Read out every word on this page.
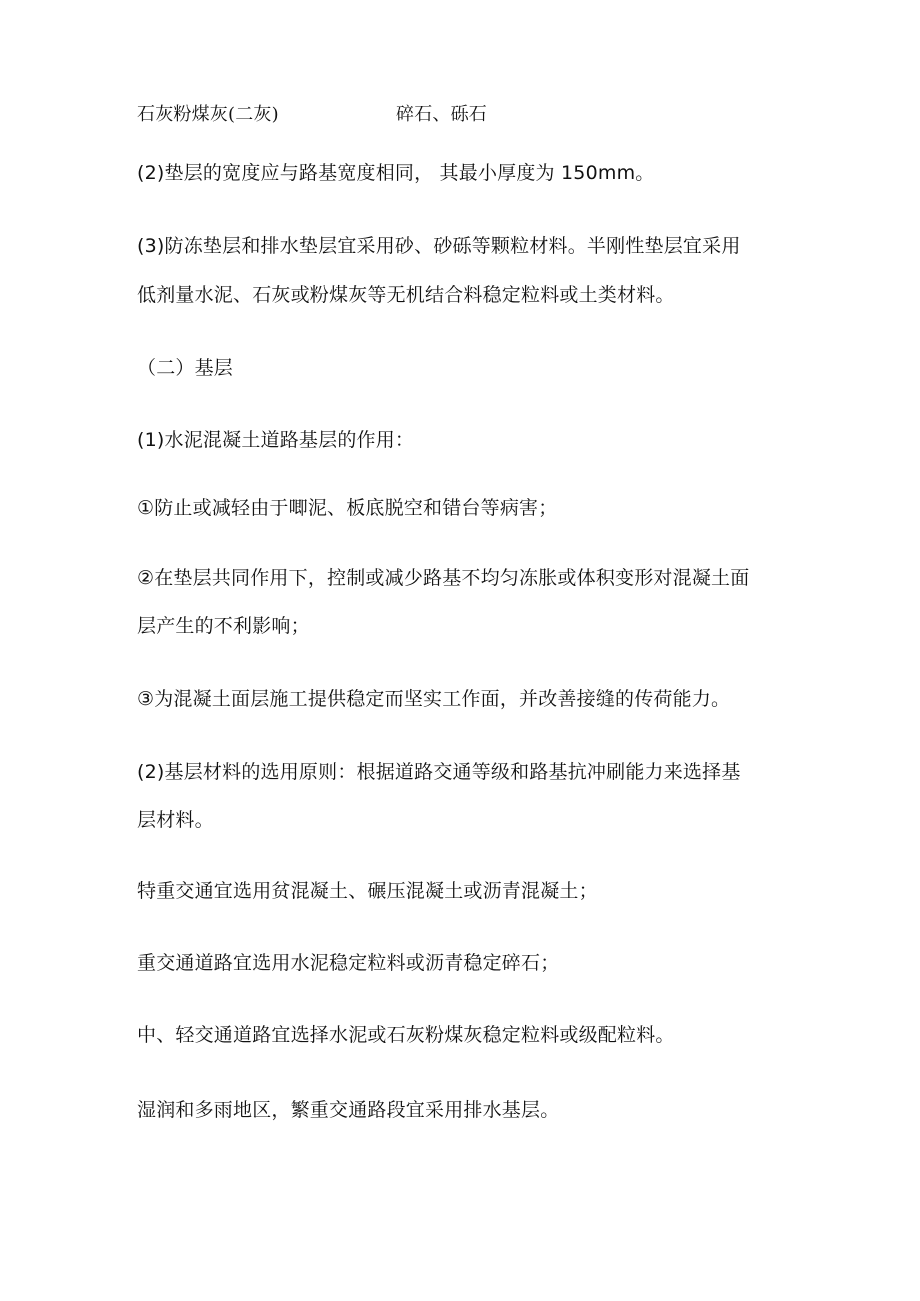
石灰粉煤灰(二灰)	碎石、砾石
(2)垫层的宽度应与路基宽度相同， 其最小厚度为 150mm。
(3)防冻垫层和排水垫层宜采用砂、砂砾等颗粒材料。半刚性垫层宜采用
低剂量水泥、石灰或粉煤灰等无机结合料稳定粒料或土类材料。
（二）基层
(1)水泥混凝土道路基层的作用：
①防止或减轻由于唧泥、板底脱空和错台等病害；
②在垫层共同作用下，控制或减少路基不均匀冻胀或体积变形对混凝土面
层产生的不利影响；
③为混凝土面层施工提供稳定而坚实工作面，并改善接缝的传荷能力。
(2)基层材料的选用原则：根据道路交通等级和路基抗冲刷能力来选择基
层材料。
特重交通宜选用贫混凝土、碾压混凝土或沥青混凝土；
重交通道路宜选用水泥稳定粒料或沥青稳定碎石；
中、轻交通道路宜选择水泥或石灰粉煤灰稳定粒料或级配粒料。
湿润和多雨地区，繁重交通路段宜采用排水基层。
